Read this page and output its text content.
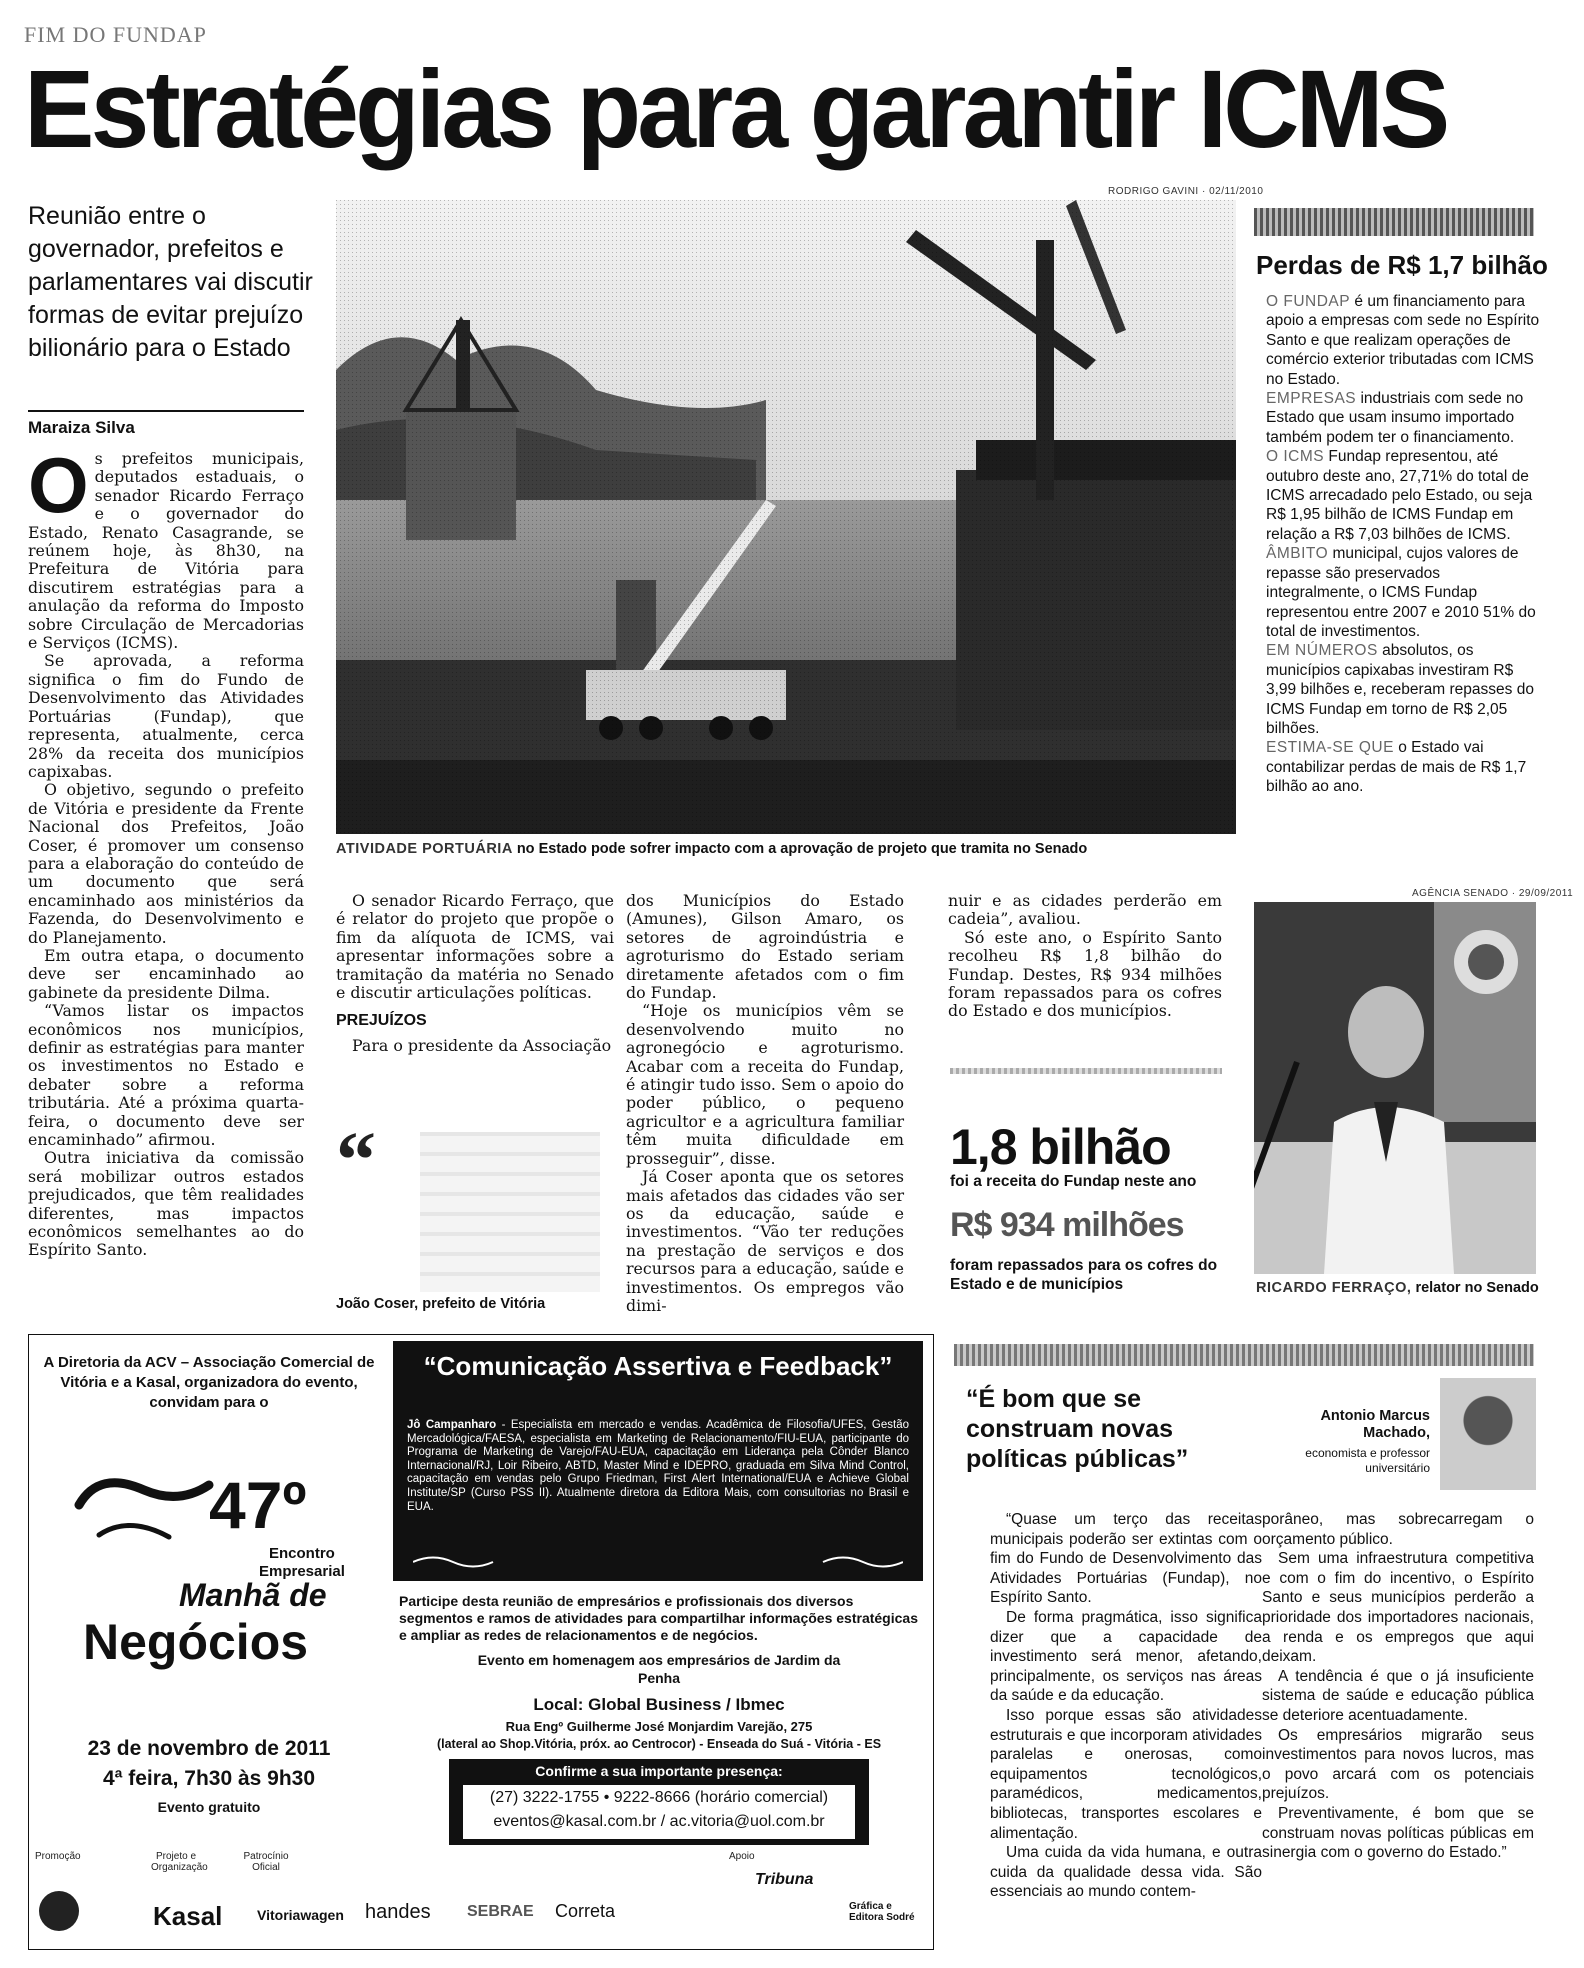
FIM DO FUNDAP
Estratégias para garantir ICMS
Reunião entre o governador, prefeitos e parlamentares vai discutir formas de evitar prejuízo bilionário para o Estado
Maraiza Silva
RODRIGO GAVINI · 02/11/2010
ATIVIDADE PORTUÁRIA no Estado pode sofrer impacto com a aprovação de projeto que tramita no Senado

Os prefeitos municipais, deputados estaduais, o senador Ricardo Ferraço e o governador do Estado, Renato Casagrande, se reúnem hoje, às 8h30, na Prefeitura de Vitória para discutirem estratégias para a anulação da reforma do Imposto sobre Circulação de Mercadorias e Serviços (ICMS).

Se aprovada, a reforma significa o fim do Fundo de Desenvolvimento das Atividades Portuárias (Fundap), que representa, atualmente, cerca 28% da receita dos municípios capixabas.

O objetivo, segundo o prefeito de Vitória e presidente da Frente Nacional dos Prefeitos, João Coser, é promover um consenso para a elaboração do conteúdo de um documento que será encaminhado aos ministérios da Fazenda, do Desenvolvimento e do Planejamento.

Em outra etapa, o documento deve ser encaminhado ao gabinete da presidente Dilma.

“Vamos listar os impactos econômicos nos municípios, definir as estratégias para manter os investimentos no Estado e debater sobre a reforma tributária. Até a próxima quarta-feira, o documento deve ser encaminhado” afirmou.

Outra iniciativa da comissão será mobilizar outros estados prejudicados, que têm realidades diferentes, mas impactos econômicos semelhantes ao do Espírito Santo.

O senador Ricardo Ferraço, que é relator do projeto que propõe o fim da alíquota de ICMS, vai apresentar informações sobre a tramitação da matéria no Senado e discutir articulações políticas.

PREJUÍZOS

Para o presidente da Associação

“
João Coser, prefeito de Vitória

dos Municípios do Estado (Amunes), Gilson Amaro, os setores de agroindústria e agroturismo do Estado seriam diretamente afetados com o fim do Fundap.

“Hoje os municípios vêm se desenvolvendo muito no agronegócio e agroturismo. Acabar com a receita do Fundap, é atingir tudo isso. Sem o apoio do poder público, o pequeno agricultor e a agricultura familiar têm muita dificuldade em prosseguir”, disse.

Já Coser aponta que os setores mais afetados das cidades vão ser os da educação, saúde e investimentos. “Vão ter reduções na prestação de serviços e dos recursos para a educação, saúde e investimentos. Os empregos vão dimi-

nuir e as cidades perderão em cadeia”, avaliou.

Só este ano, o Espírito Santo recolheu R$ 1,8 bilhão do Fundap. Destes, R$ 934 milhões foram repassados para os cofres do Estado e dos municípios.

1,8 bilhão
foi a receita do Fundap neste ano
R$ 934 milhões
foram repassados para os cofres do Estado e de municípios
Perdas de R$ 1,7 bilhão

O FUNDAP é um financiamento para apoio a empresas com sede no Espírito Santo e que realizam operações de comércio exterior tributadas com ICMS no Estado.

EMPRESAS industriais com sede no Estado que usam insumo importado também podem ter o financiamento.

O ICMS Fundap representou, até outubro deste ano, 27,71% do total de ICMS arrecadado pelo Estado, ou seja R$ 1,95 bilhão de ICMS Fundap em relação a R$ 7,03 bilhões de ICMS.

ÂMBITO municipal, cujos valores de repasse são preservados integralmente, o ICMS Fundap representou entre 2007 e 2010 51% do total de investimentos.

EM NÚMEROS absolutos, os municípios capixabas investiram R$ 3,99 bilhões e, receberam repasses do ICMS Fundap em torno de R$ 2,05 bilhões.

ESTIMA-SE QUE o Estado vai contabilizar perdas de mais de R$ 1,7 bilhão ao ano.

AGÊNCIA SENADO · 29/09/2011
RICARDO FERRAÇO, relator no Senado
“É bom que se construam novas políticas públicas”
Antonio Marcus Machado,
economista e professor universitário

“Quase um terço das receitas municipais poderão ser extintas com o fim do Fundo de Desenvolvimento das Atividades Portuárias (Fundap), no Espírito Santo.

De forma pragmática, isso significa dizer que a capacidade de investimento será menor, afetando, principalmente, os serviços nas áreas da saúde e da educação.

Isso porque essas são atividades estruturais e que incorporam atividades paralelas e onerosas, como equipamentos tecnológicos, paramédicos, medicamentos, bibliotecas, transportes escolares e alimentação.

Uma cuida da vida humana, e outra cuida da qualidade dessa vida. São essenciais ao mundo contem-

porâneo, mas sobrecarregam o orçamento público.

Sem uma infraestrutura competitiva e com o fim do incentivo, o Espírito Santo e seus municípios perderão a prioridade dos importadores nacionais, a renda e os empregos que aqui deixam.

A tendência é que o já insuficiente sistema de saúde e educação pública se deteriore acentuadamente.

Os empresários migrarão seus investimentos para novos lucros, mas o povo arcará com os potenciais prejuízos.

Preventivamente, é bom que se construam novas políticas públicas em sinergia com o governo do Estado.”

A Diretoria da ACV – Associação Comercial de Vitória e a Kasal, organizadora do evento, convidam para o
47º
Encontro
Empresarial
Manhã de
Negócios
23 de novembro de 2011
4ª feira, 7h30 às 9h30
Evento gratuito
“Comunicação Assertiva e Feedback”
Jô Campanharo - Especialista em mercado e vendas. Acadêmica de Filosofia/UFES, Gestão Mercadológica/FAESA, especialista em Marketing de Relacionamento/FIU-EUA, participante do Programa de Marketing de Varejo/FAU-EUA, capacitação em Liderança pela Cônder Blanco Internacional/RJ, Loir Ribeiro, ABTD, Master Mind e IDEPRO, graduada em Silva Mind Control, capacitação em vendas pelo Grupo Friedman, First Alert International/EUA e Achieve Global Institute/SP (Curso PSS II). Atualmente diretora da Editora Mais, com consultorias no Brasil e EUA.
Participe desta reunião de empresários e profissionais dos diversos segmentos e ramos de atividades para compartilhar informações estratégicas e ampliar as redes de relacionamentos e de negócios.
Evento em homenagem aos empresários de Jardim da Penha
Local: Global Business / Ibmec
Rua Engº Guilherme José Monjardim Varejão, 275
(lateral ao Shop.Vitória, próx. ao Centrocor) - Enseada do Suá - Vitória - ES
Confirme a sua importante presença:
(27) 3222-1755 • 9222-8666 (horário comercial)
eventos@kasal.com.br / ac.vitoria@uol.com.br
Promoção	Projeto e Organização
Patrocínio Oficial
Apoio
Kasal Vitoriawagen handes SEBRAE Correta
Tribuna
Gráfica e Editora Sodré
